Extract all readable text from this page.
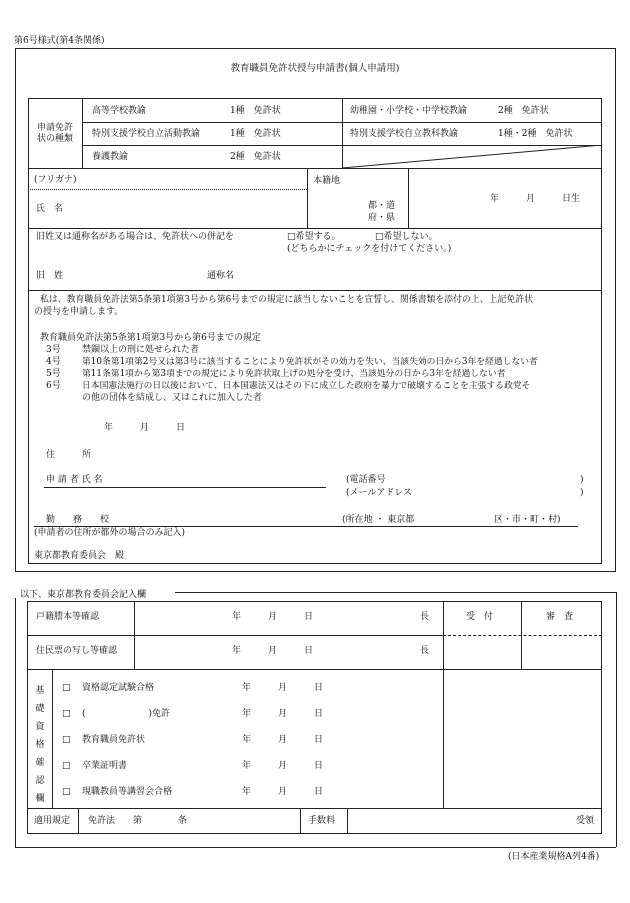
第6号様式(第4条関係)
教育職員免許状授与申請書(個人申請用)
申請免許
状の種類
高等学校教諭	1種　免許状	幼稚園・小学校・中学校教諭	2種　免許状
特別支援学校自立活動教諭	1種　免許状	特別支援学校自立教科教諭	1種・2種　免許状
養護教諭	2種　免許状
(フリガナ)
氏　名
本籍地
都・道
府・県
年　　　月　　　日生
旧姓又は通称名がある場合は、免許状への併記を	□希望する。	□希望しない。
(どちらかにチェックを付けてください。)
旧　姓	通称名
私は、教育職員免許法第5条第1項第3号から第6号までの規定に該当しないことを宣誓し、関係書類を添付の上、上記免許状
の授与を申請します。
教育職員免許法第5条第1項第3号から第6号までの規定
3号 禁錮以上の刑に処せられた者
4号 第10条第1項第2号又は第3号に該当することにより免許状がその効力を失い、当該失効の日から3年を経過しない者
5号 第11条第1項から第3項までの規定により免許状取上げの処分を受け、当該処分の日から3年を経過しない者
6号 日本国憲法施行の日以後において、日本国憲法又はその下に成立した政府を暴力で破壊することを主張する政党そ
の他の団体を結成し、又はこれに加入した者
年　　　月　　　日
住　　　所
申 請 者 氏 名	(電話番号	)
(メールアドレス	)
勤　　務　　校	(所在地 ・ 東京都	区・市・町・村)
(申請者の住所が都外の場合のみ記入)
東京都教育委員会　殿
以下、東京都教育委員会記入欄
戸籍謄本等確認	年　　　月　　　日	長
住民票の写し等確認	年　　　月　　　日	長
受　付	審　査
基
礎
資
格
確
認
欄
□ 資格認定試験合格	年　　　月　　　日
□ (　　　　　　　)免許	年　　　月　　　日
□ 教育職員免許状	年　　　月　　　日
□ 卒業証明書	年　　　月　　　日
□ 現職教員等講習会合格	年　　　月　　　日
適用規定 免許法　　第　　　　条	手数料	受領
(日本産業規格A列4番)
